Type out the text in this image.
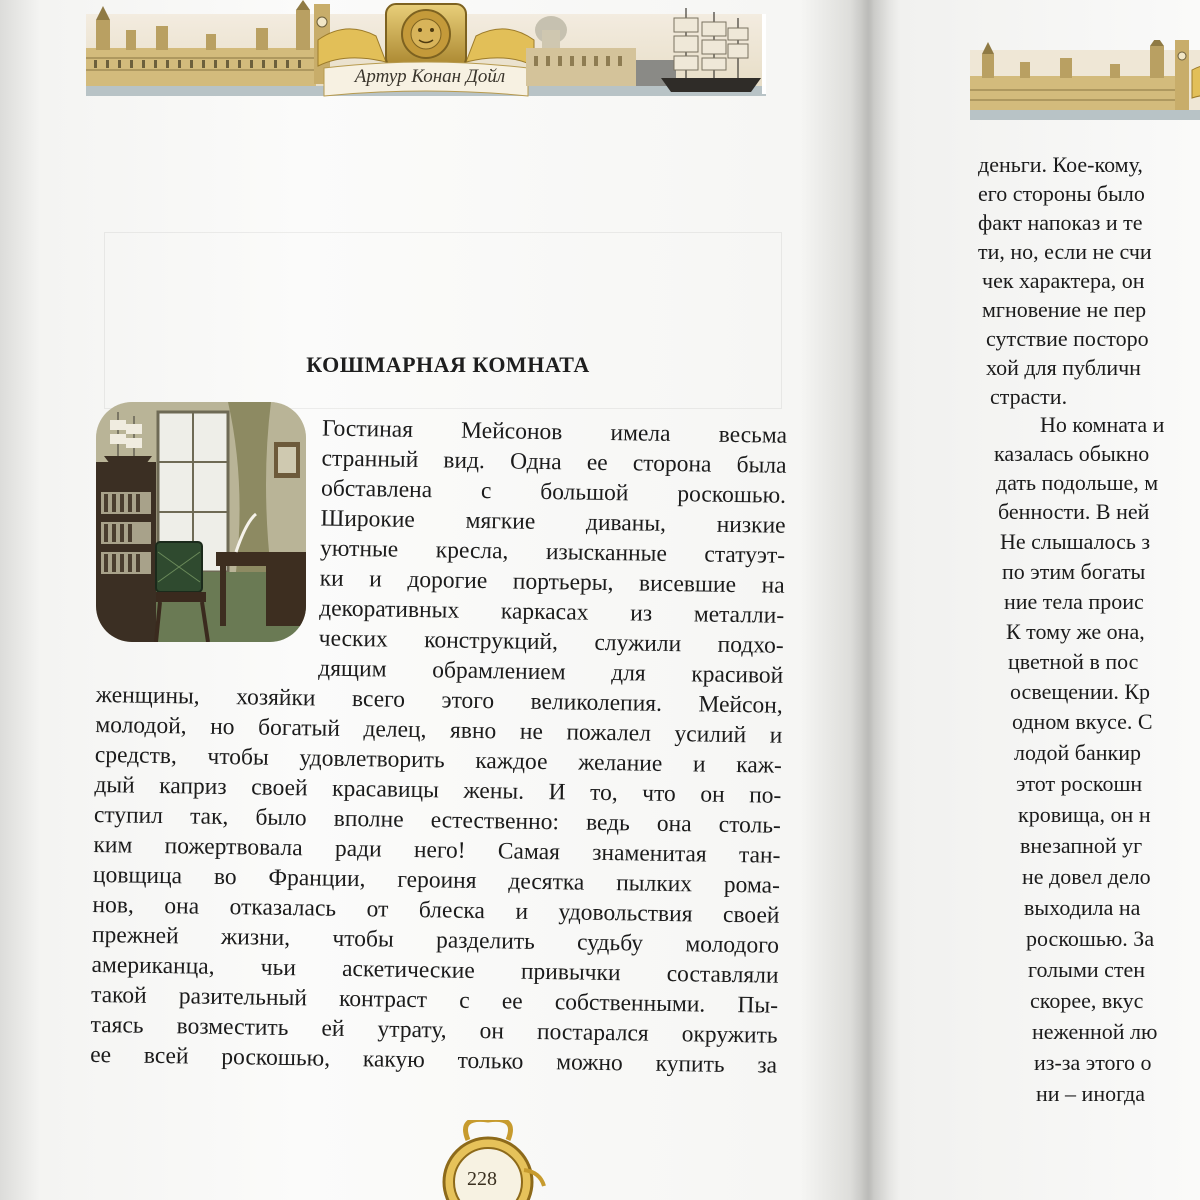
Артур Конан Дойл
КОШМАРНАЯ КОМНАТА
Гостиная Мейсонов имела весьма
странный вид. Одна ее сторона была
обставлена с большой роскошью.
Широкие мягкие диваны, низкие
уютные кресла, изысканные статуэт-
ки и дорогие портьеры, висевшие на
декоративных каркасах из металли-
ческих конструкций, служили подхо-
дящим обрамлением для красивой
женщины, хозяйки всего этого великолепия. Мейсон,
молодой, но богатый делец, явно не пожалел усилий и
средств, чтобы удовлетворить каждое желание и каж-
дый каприз своей красавицы жены. И то, что он по-
ступил так, было вполне естественно: ведь она столь-
ким пожертвовала ради него! Самая знаменитая тан-
цовщица во Франции, героиня десятка пылких рома-
нов, она отказалась от блеска и удовольствия своей
прежней жизни, чтобы разделить судьбу молодого
американца, чьи аскетические привычки составляли
такой разительный контраст с ее собственными. Пы-
таясь возместить ей утрату, он постарался окружить
ее всей роскошью, какую только можно купить за
228
деньги. Кое-кому,
его стороны было
факт напоказ и те
ти, но, если не счи
чек характера, он
мгновение не пер
сутствие посторо
хой для публичн
страсти.
Но комната и
казалась обыкно
дать подольше, м
бенности. В ней
Не слышалось з
по этим богаты
ние тела проис
К тому же она,
цветной в пос
освещении. Кр
одном вкусе. С
лодой банкир
этот роскошн
кровища, он н
внезапной уг
не довел дело
выходила на
роскошью. За
голыми стен
скорее, вкус
неженной лю
из-за этого о
ни – иногда
